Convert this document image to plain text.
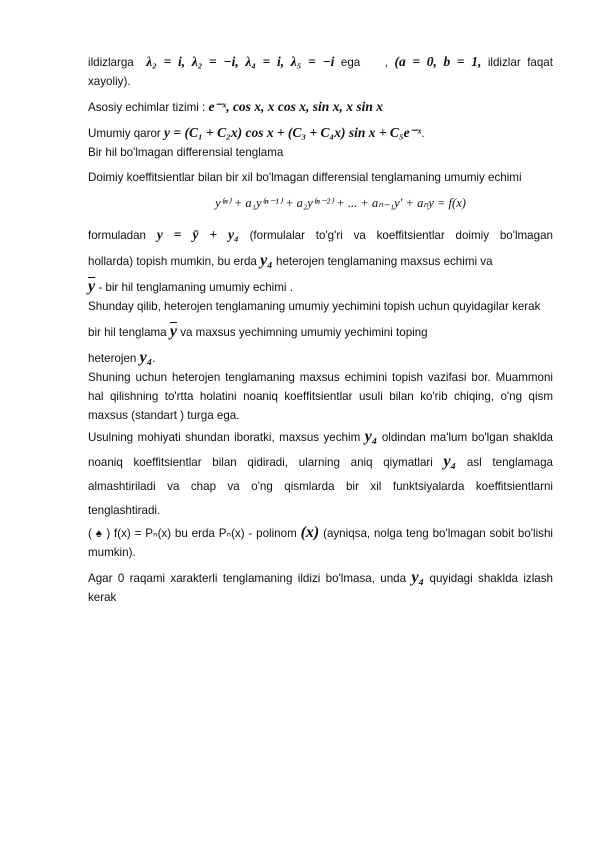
ildizlarga λ₂ = i, λ₂ = −i, λ₄ = i, λ₅ = −i ega , (a = 0, b = 1, ildizlar faqat

xayoliy).

Asosiy echimlar tizimi : e⁻ˣ, cos x, x cos x, sin x, x sin x

Umumiy qaror y = (C₁ + C₂x) cos x + (C₃ + C₄x) sin x + C₅e⁻ˣ.

Bir hil bo'lmagan differensial tenglama

Doimiy koeffitsientlar bilan bir xil bo'lmagan differensial tenglamaning umumiy echimi

y⁽ⁿ⁾ + a₁y⁽ⁿ⁻¹⁾ + a₂y⁽ⁿ⁻²⁾ + ... + aₙ₋₁y′ + aₙy = f(x)

formuladan y = ȳ + y₄ (formulalar to'g'ri va koeffitsientlar doimiy bo'lmagan

hollarda) topish mumkin, bu erda y₄ heterojen tenglamaning maxsus echimi va

$\overline{y}$ - bir hil tenglamaning umumiy echimi .

Shunday qilib, heterojen tenglamaning umumiy yechimini topish uchun quyidagilar kerak

bir hil tenglama $\overline{y}$ va maxsus yechimning umumiy yechimini toping

heterojen y₄.

Shuning uchun heterojen tenglamaning maxsus echimini topish vazifasi bor. Muammoni hal qilishning to'rtta holatini noaniq koeffitsientlar usuli bilan ko'rib chiqing, o'ng qism maxsus (standart ) turga ega.

Usulning mohiyati shundan iboratki, maxsus yechim y₄ oldindan ma'lum bo'lgan shaklda noaniq koeffitsientlar bilan qidiradi, ularning aniq qiymatlari y₄ asl tenglamaga almashtiriladi va chap va o'ng qismlarda bir xil funktsiyalarda koeffitsientlarni tenglashtiradi.

( ♠ ) f(x) = Pₙ(x) bu erda Pₙ(x) - polinom (x) (ayniqsa, nolga teng bo'lmagan sobit bo'lishi mumkin).

Agar 0 raqami xarakterli tenglamaning ildizi bo'lmasa, unda y₄ quyidagi shaklda izlash kerak
